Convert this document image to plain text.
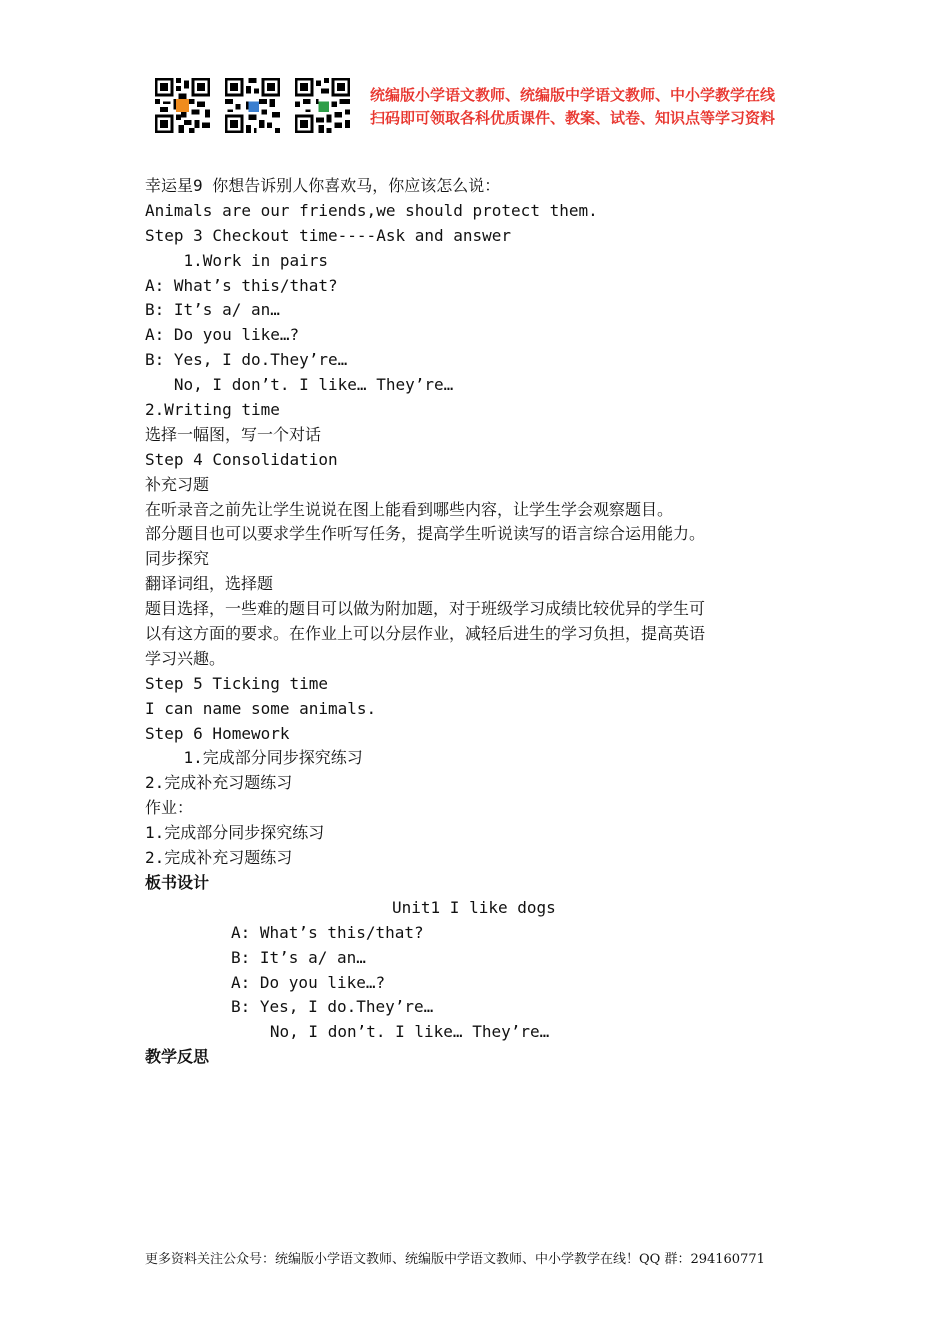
统编版小学语文教师、统编版中学语文教师、中小学教学在线
扫码即可领取各科优质课件、教案、试卷、知识点等学习资料
幸运星9 你想告诉别人你喜欢马，你应该怎么说：
Animals are our friends,we should protect them.
Step 3 Checkout time----Ask and answer
1.Work in pairs
A: What’s this/that?
B: It’s a/ an…
A: Do you like…?
B: Yes, I do.They’re…
No, I don’t. I like… They’re…
2.Writing time
选择一幅图，写一个对话
Step 4 Consolidation
补充习题
在听录音之前先让学生说说在图上能看到哪些内容，让学生学会观察题目。
部分题目也可以要求学生作听写任务，提高学生听说读写的语言综合运用能力。
同步探究
翻译词组，选择题
题目选择，一些难的题目可以做为附加题，对于班级学习成绩比较优异的学生可
以有这方面的要求。在作业上可以分层作业，减轻后进生的学习负担，提高英语
学习兴趣。
Step 5 Ticking time
I can name some animals.
Step 6 Homework
1.完成部分同步探究练习
2.完成补充习题练习
作业：
1.完成部分同步探究练习
2.完成补充习题练习
板书设计
Unit1 I like dogs
A: What’s this/that?
B: It’s a/ an…
A: Do you like…?
B: Yes, I do.They’re…
No, I don’t. I like… They’re…
教学反思
更多资料关注公众号：统编版小学语文教师、统编版中学语文教师、中小学教学在线！QQ 群：294160771
